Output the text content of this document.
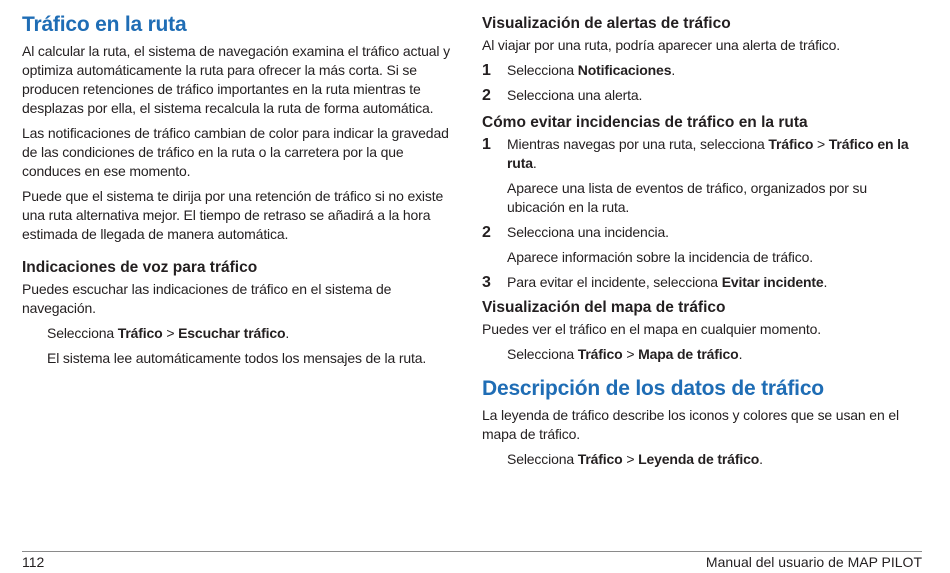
Tráfico en la ruta

Al calcular la ruta, el sistema de navegación examina el tráfico actual y optimiza automáticamente la ruta para ofrecer la más corta. Si se producen retenciones de tráfico importantes en la ruta mientras te desplazas por ella, el sistema recalcula la ruta de forma automática.

Las notificaciones de tráfico cambian de color para indicar la gravedad de las condiciones de tráfico en la ruta o la carretera por la que conduces en ese momento.

Puede que el sistema te dirija por una retención de tráfico si no existe una ruta alternativa mejor. El tiempo de retraso se añadirá a la hora estimada de llegada de manera automática.

Indicaciones de voz para tráfico

Puedes escuchar las indicaciones de tráfico en el sistema de navegación.

Selecciona Tráfico > Escuchar tráfico.

El sistema lee automáticamente todos los mensajes de la ruta.

Visualización de alertas de tráfico

Al viajar por una ruta, podría aparecer una alerta de tráfico.

1	Selecciona Notificaciones.
2	Selecciona una alerta.
Cómo evitar incidencias de tráfico en la ruta
1	Mientras navegas por una ruta, selecciona Tráfico > Tráfico en la ruta.

Aparece una lista de eventos de tráfico, organizados por su ubicación en la ruta.

2	Selecciona una incidencia.

Aparece información sobre la incidencia de tráfico.

3	Para evitar el incidente, selecciona Evitar incidente.
Visualización del mapa de tráfico

Puedes ver el tráfico en el mapa en cualquier momento.

Selecciona Tráfico > Mapa de tráfico.

Descripción de los datos de tráfico

La leyenda de tráfico describe los iconos y colores que se usan en el mapa de tráfico.

Selecciona Tráfico > Leyenda de tráfico.

112	Manual del usuario de MAP PILOT
